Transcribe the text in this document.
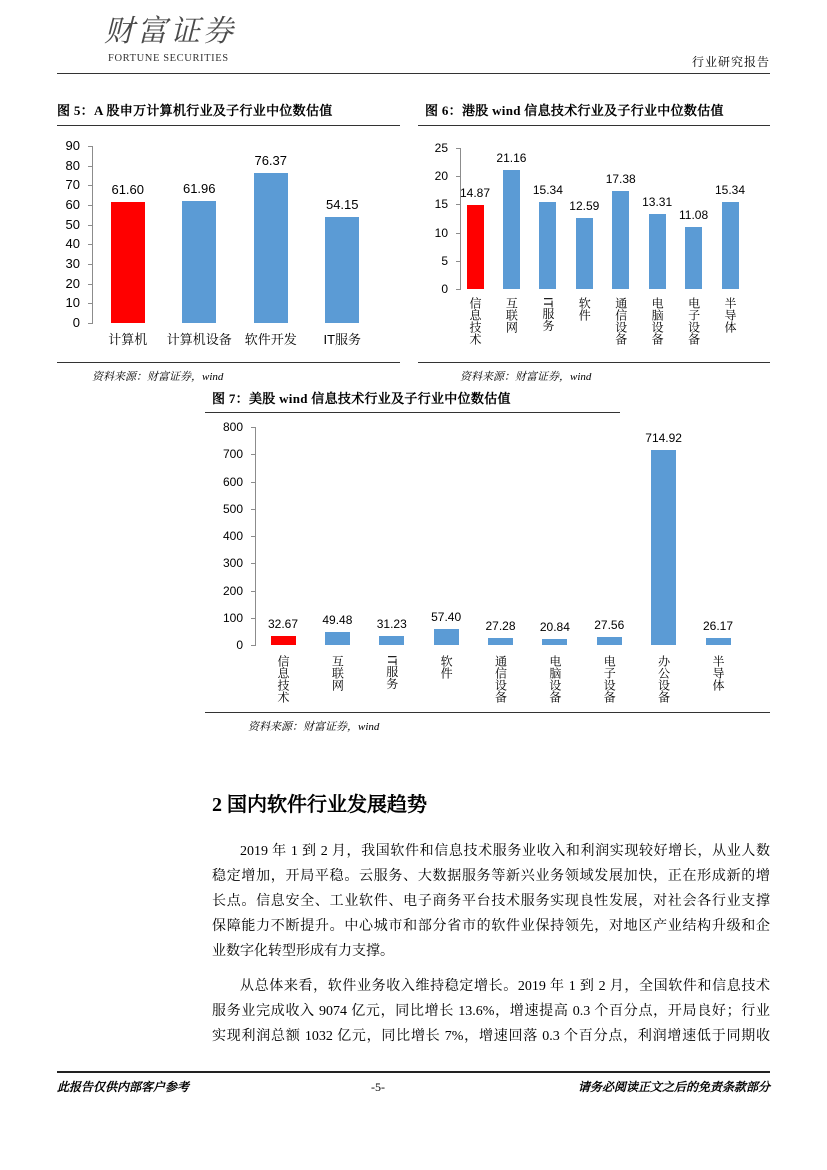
财富证券
FORTUNE SECURITIES	行业研究报告
图 5：A 股申万计算机行业及子行业中位数估值
0
10
20
30
40
50
60
70
80
90
61.60
计算机
61.96
计算机设备
76.37
软件开发
54.15
IT服务
资料来源：财富证券，wind
图 6：港股 wind 信息技术行业及子行业中位数估值
0
5
10
15
20
25
14.87
信息技术
21.16
互联网
15.34
IT服务
12.59
软件
17.38
通信设备
13.31
电脑设备
11.08
电子设备
15.34
半导体
资料来源：财富证券，wind
图 7：美股 wind 信息技术行业及子行业中位数估值
0
100
200
300
400
500
600
700
800
32.67
信息技术
49.48
互联网
31.23
IT服务
57.40
软件
27.28
通信设备
20.84
电脑设备
27.56
电子设备
714.92
办公设备
26.17
半导体
资料来源：财富证券，wind
2 国内软件行业发展趋势
2019 年 1 到 2 月，我国软件和信息技术服务业收入和利润实现较好增长，从业人数
稳定增加，开局平稳。云服务、大数据服务等新兴业务领域发展加快，正在形成新的增
长点。信息安全、工业软件、电子商务平台技术服务实现良性发展，对社会各行业支撑
保障能力不断提升。中心城市和部分省市的软件业保持领先，对地区产业结构升级和企
业数字化转型形成有力支撑。
从总体来看，软件业务收入维持稳定增长。2019 年 1 到 2 月，全国软件和信息技术
服务业完成收入 9074 亿元，同比增长 13.6%，增速提高 0.3 个百分点，开局良好；行业
实现利润总额 1032 亿元，同比增长 7%，增速回落 0.3 个百分点，利润增速低于同期收
此报告仅供内部客户参考	-5-	请务必阅读正文之后的免责条款部分
